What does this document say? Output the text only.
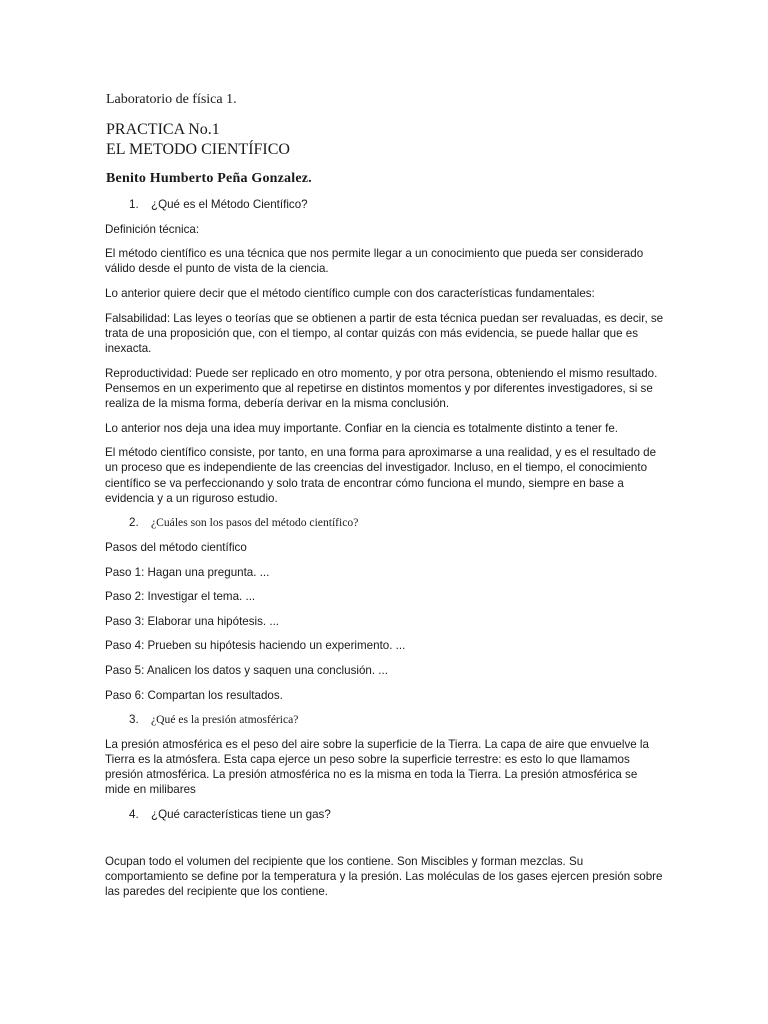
Laboratorio de física 1.
PRACTICA No.1
EL METODO CIENTÍFICO
Benito Humberto Peña Gonzalez.
1.	¿Qué es el Método Científico?

Definición técnica:

El método científico es una técnica que nos permite llegar a un conocimiento que pueda ser considerado válido desde el punto de vista de la ciencia.

Lo anterior quiere decir que el método científico cumple con dos características fundamentales:

Falsabilidad: Las leyes o teorías que se obtienen a partir de esta técnica puedan ser revaluadas, es decir, se trata de una proposición que, con el tiempo, al contar quizás con más evidencia, se puede hallar que es inexacta.

Reproductividad: Puede ser replicado en otro momento, y por otra persona, obteniendo el mismo resultado. Pensemos en un experimento que al repetirse en distintos momentos y por diferentes investigadores, si se realiza de la misma forma, debería derivar en la misma conclusión.

Lo anterior nos deja una idea muy importante. Confiar en la ciencia es totalmente distinto a tener fe.

El método científico consiste, por tanto, en una forma para aproximarse a una realidad, y es el resultado de un proceso que es independiente de las creencias del investigador. Incluso, en el tiempo, el conocimiento científico se va perfeccionando y solo trata de encontrar cómo funciona el mundo, siempre en base a evidencia y a un riguroso estudio.

2.	¿Cuáles son los pasos del método científico?

Pasos del método científico

Paso 1: Hagan una pregunta. ...

Paso 2: Investigar el tema. ...

Paso 3: Elaborar una hipótesis. ...

Paso 4: Prueben su hipótesis haciendo un experimento. ...

Paso 5: Analicen los datos y saquen una conclusión. ...

Paso 6: Compartan los resultados.

3.	¿Qué es la presión atmosférica?

La presión atmosférica es el peso del aire sobre la superficie de la Tierra. La capa de aire que envuelve la Tierra es la atmósfera. Esta capa ejerce un peso sobre la superficie terrestre: es esto lo que llamamos presión atmosférica. La presión atmosférica no es la misma en toda la Tierra. La presión atmosférica se mide en milibares

4.	¿Qué características tiene un gas?

Ocupan todo el volumen del recipiente que los contiene. Son Miscibles y forman mezclas. Su comportamiento se define por la temperatura y la presión. Las moléculas de los gases ejercen presión sobre las paredes del recipiente que los contiene.
